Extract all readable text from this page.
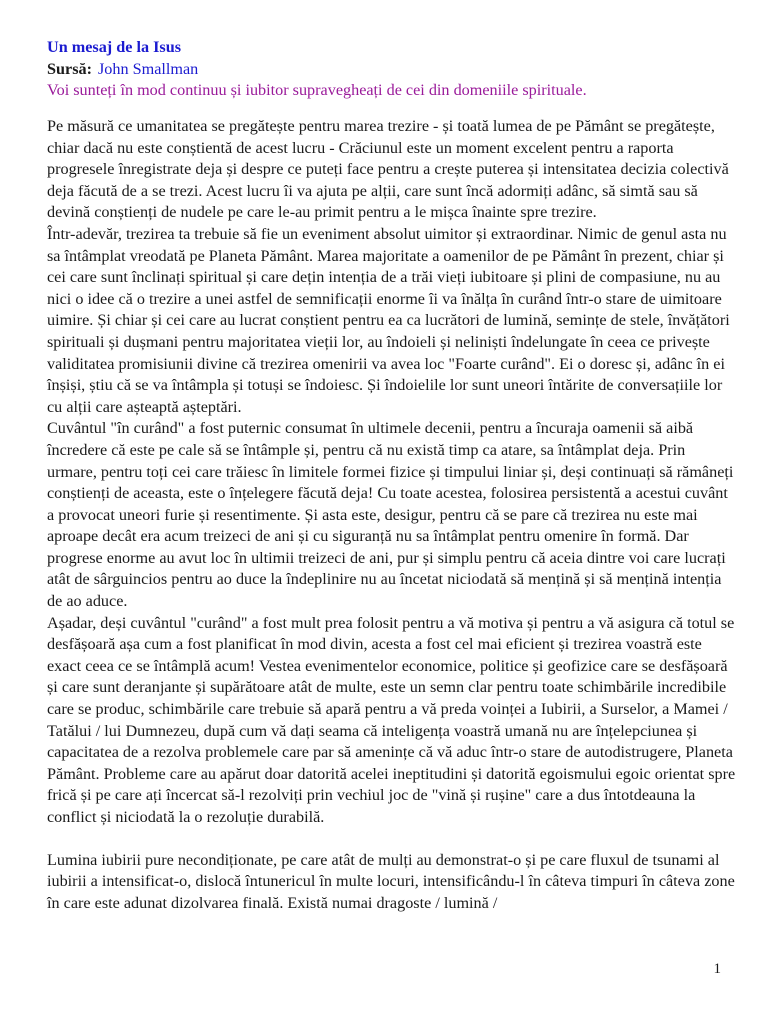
Un mesaj de la Isus
Sursă: John Smallman
Voi sunteți în mod continuu și iubitor supravegheați de cei din domeniile spirituale.

Pe măsură ce umanitatea se pregătește pentru marea trezire - și toată lumea de pe Pământ se pregătește, chiar dacă nu este conștientă de acest lucru - Crăciunul este un moment excelent pentru a raporta progresele înregistrate deja și despre ce puteți face pentru a crește puterea și intensitatea decizia colectivă deja făcută de a se trezi. Acest lucru îi va ajuta pe alții, care sunt încă adormiți adânc, să simtă sau să devină conștienți de nudele pe care le-au primit pentru a le mișca înainte spre trezire.

Într-adevăr, trezirea ta trebuie să fie un eveniment absolut uimitor și extraordinar. Nimic de genul asta nu sa întâmplat vreodată pe Planeta Pământ. Marea majoritate a oamenilor de pe Pământ în prezent, chiar și cei care sunt înclinați spiritual și care dețin intenția de a trăi vieți iubitoare și plini de compasiune, nu au nici o idee că o trezire a unei astfel de semnificații enorme îi va înălța în curând într-o stare de uimitoare uimire. Și chiar și cei care au lucrat conștient pentru ea ca lucrători de lumină, semințe de stele, învățători spirituali și dușmani pentru majoritatea vieții lor, au îndoieli și neliniști îndelungate în ceea ce privește validitatea promisiunii divine că trezirea omenirii va avea loc "Foarte curând". Ei o doresc și, adânc în ei înșiși, știu că se va întâmpla și totuși se îndoiesc. Și îndoielile lor sunt uneori întărite de conversațiile lor cu alții care așteaptă așteptări.

Cuvântul "în curând" a fost puternic consumat în ultimele decenii, pentru a încuraja oamenii să aibă încredere că este pe cale să se întâmple și, pentru că nu există timp ca atare, sa întâmplat deja. Prin urmare, pentru toți cei care trăiesc în limitele formei fizice și timpului liniar și, deși continuați să rămâneți conștienți de aceasta, este o înțelegere făcută deja! Cu toate acestea, folosirea persistentă a acestui cuvânt a provocat uneori furie și resentimente. Și asta este, desigur, pentru că se pare că trezirea nu este mai aproape decât era acum treizeci de ani și cu siguranță nu sa întâmplat pentru omenire în formă. Dar progrese enorme au avut loc în ultimii treizeci de ani, pur și simplu pentru că aceia dintre voi care lucrați atât de sârguincios pentru ao duce la îndeplinire nu au încetat niciodată să mențină și să mențină intenția de ao aduce.

Așadar, deși cuvântul "curând" a fost mult prea folosit pentru a vă motiva și pentru a vă asigura că totul se desfășoară așa cum a fost planificat în mod divin, acesta a fost cel mai eficient și trezirea voastră este exact ceea ce se întâmplă acum! Vestea evenimentelor economice, politice și geofizice care se desfășoară și care sunt deranjante și supărătoare atât de multe, este un semn clar pentru toate schimbările incredibile care se produc, schimbările care trebuie să apară pentru a vă preda voinței a Iubirii, a Surselor, a Mamei / Tatălui / lui Dumnezeu, după cum vă dați seama că inteligența voastră umană nu are înțelepciunea și capacitatea de a rezolva problemele care par să amenințe că vă aduc într-o stare de autodistrugere, Planeta Pământ. Probleme care au apărut doar datorită acelei ineptitudini și datorită egoismului egoic orientat spre frică și pe care ați încercat să-l rezolviți prin vechiul joc de "vină și rușine" care a dus întotdeauna la conflict și niciodată la o rezoluție durabilă.

Lumina iubirii pure necondiționate, pe care atât de mulți au demonstrat-o și pe care fluxul de tsunami al iubirii a intensificat-o, dislocă întunericul în multe locuri, intensificându-l în câteva timpuri în câteva zone în care este adunat dizolvarea finală. Există numai dragoste / lumină /

1
